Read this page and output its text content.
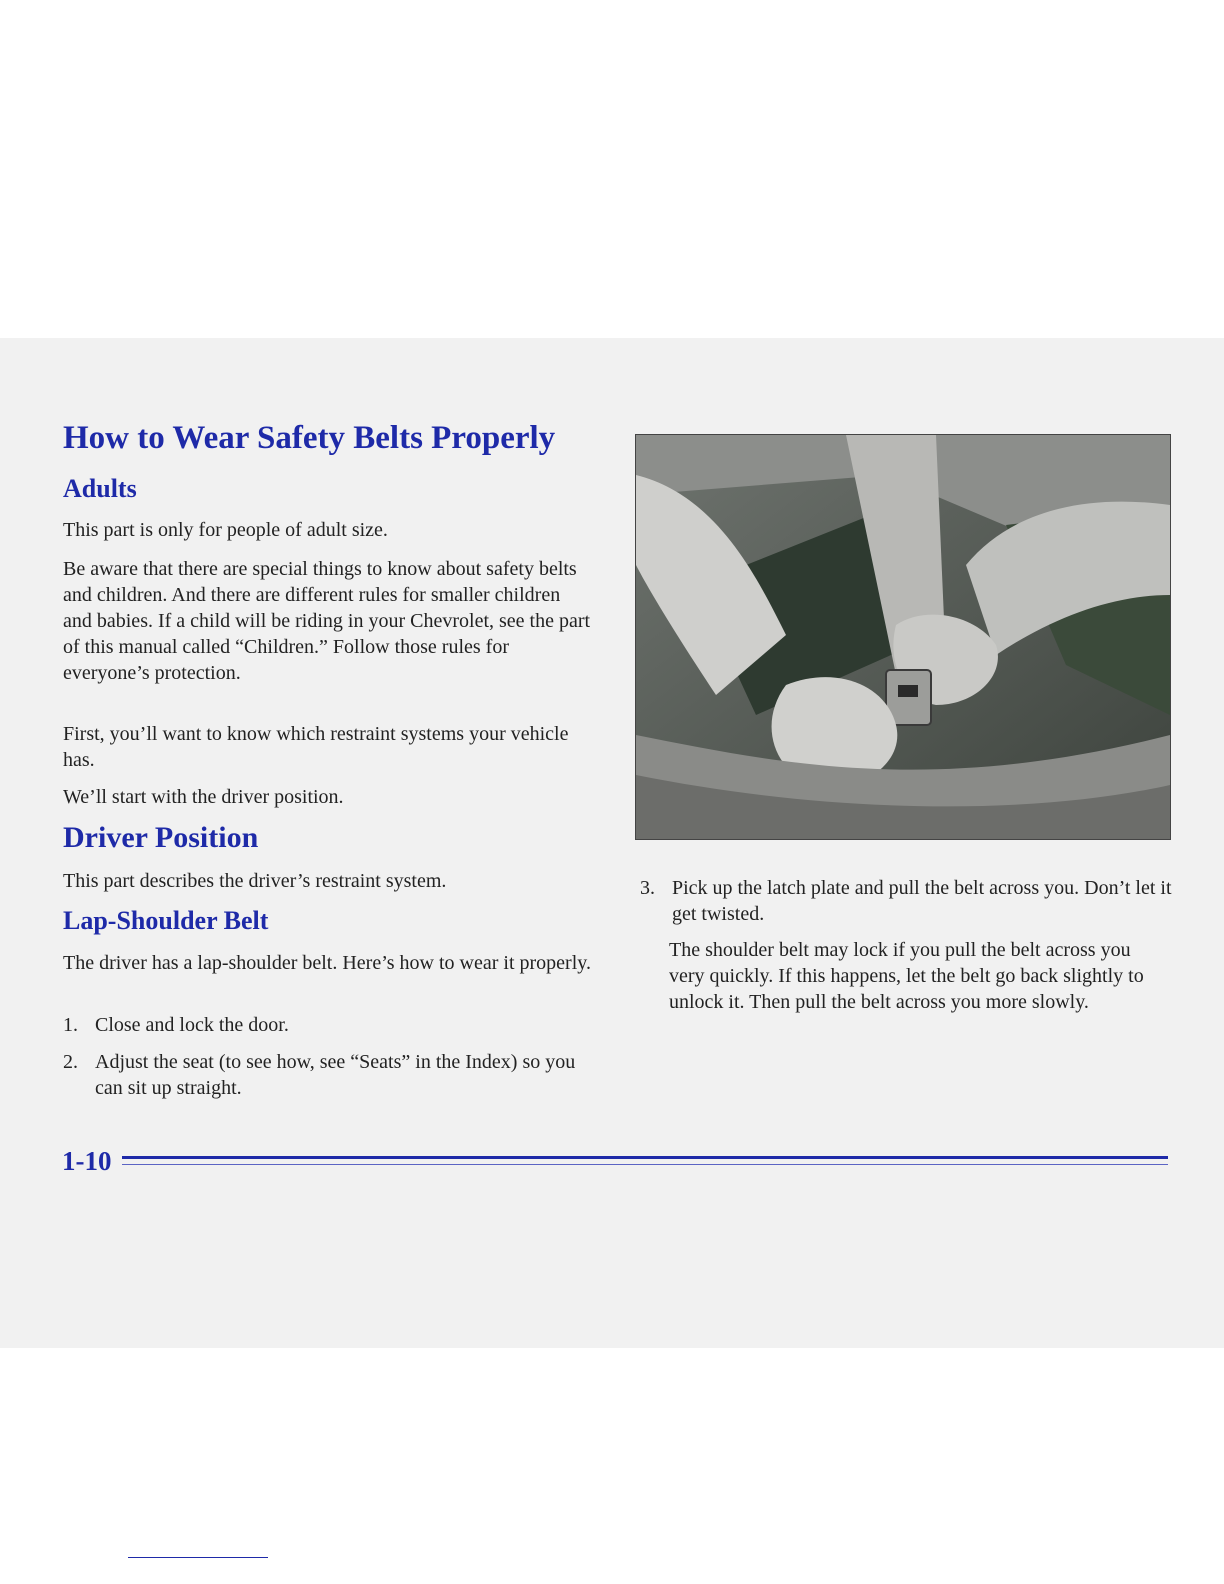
How to Wear Safety Belts Properly
Adults

This part is only for people of adult size.

Be aware that there are special things to know about safety belts and children. And there are different rules for smaller children and babies. If a child will be riding in your Chevrolet, see the part of this manual called “Children.” Follow those rules for everyone’s protection.

First, you’ll want to know which restraint systems your vehicle has.

We’ll start with the driver position.

Driver Position

This part describes the driver’s restraint system.

Lap-Shoulder Belt

The driver has a lap-shoulder belt. Here’s how to wear it properly.

1. Close and lock the door.
2. Adjust the seat (to see how, see “Seats” in the Index) so you can sit up straight.
3. Pick up the latch plate and pull the belt across you. Don’t let it get twisted.

The shoulder belt may lock if you pull the belt across you very quickly. If this happens, let the belt go back slightly to unlock it. Then pull the belt across you more slowly.

1-10
